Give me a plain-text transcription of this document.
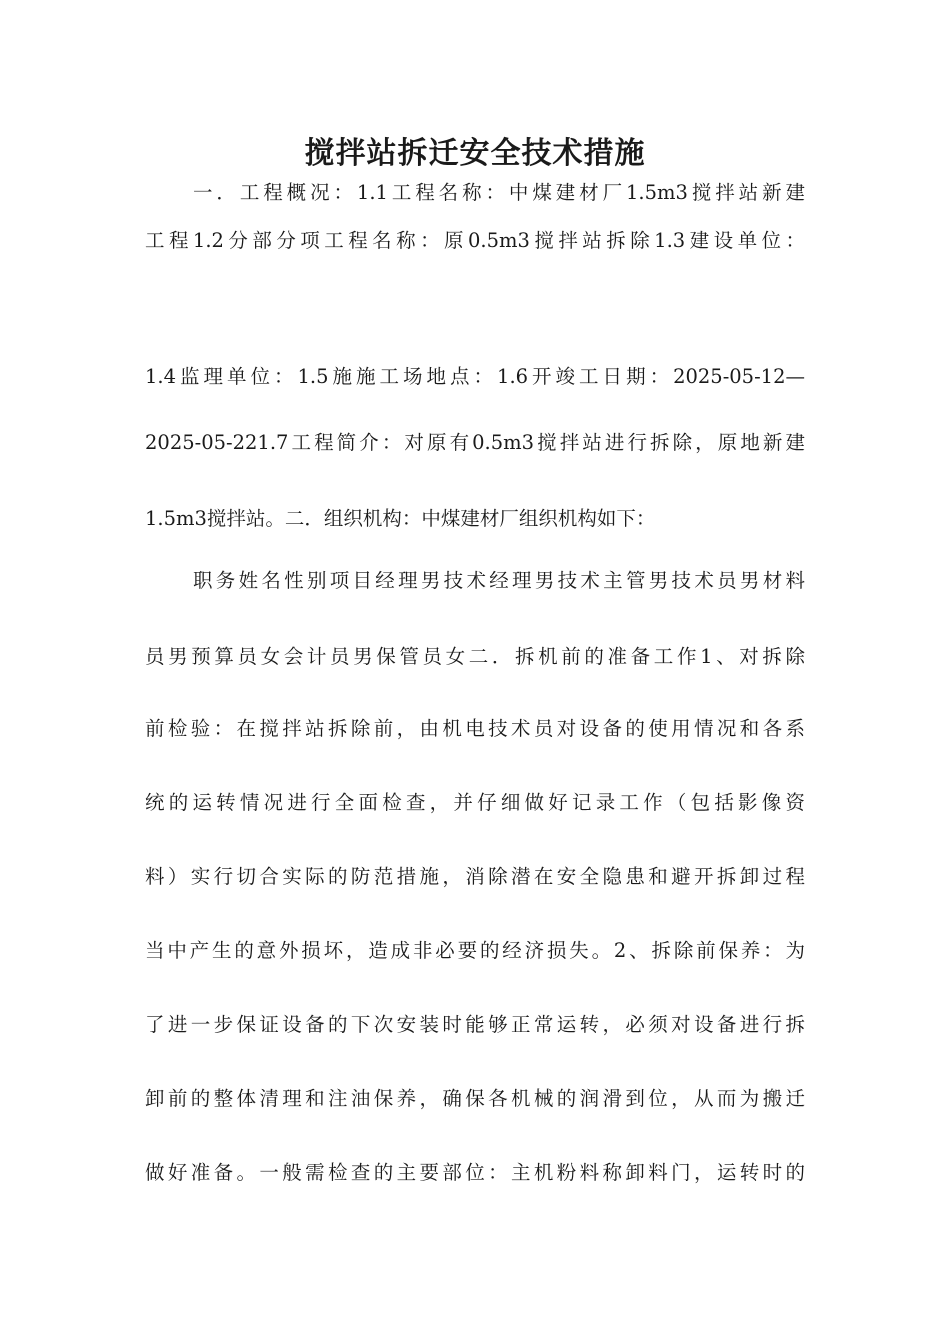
搅拌站拆迁安全技术措施
一．工程概况：1.1工程名称：中煤建材厂1.5m3搅拌站新建
工程1.2分部分项工程名称：原0.5m3搅拌站拆除1.3建设单位：
1.4监理单位：1.5施施工场地点：1.6开竣工日期：2025-05-12—
2025-05-221.7工程简介：对原有0.5m3搅拌站进行拆除，原地新建
1.5m3搅拌站。二．组织机构：中煤建材厂组织机构如下：
职务姓名性别项目经理男技术经理男技术主管男技术员男材料
员男预算员女会计员男保管员女二．拆机前的准备工作1、对拆除
前检验：在搅拌站拆除前，由机电技术员对设备的使用情况和各系
统的运转情况进行全面检查，并仔细做好记录工作（包括影像资
料）实行切合实际的防范措施，消除潜在安全隐患和避开拆卸过程
当中产生的意外损坏，造成非必要的经济损失。2、拆除前保养：为
了进一步保证设备的下次安装时能够正常运转，必须对设备进行拆
卸前的整体清理和注油保养，确保各机械的润滑到位，从而为搬迁
做好准备。一般需检查的主要部位：主机粉料称卸料门，运转时的
